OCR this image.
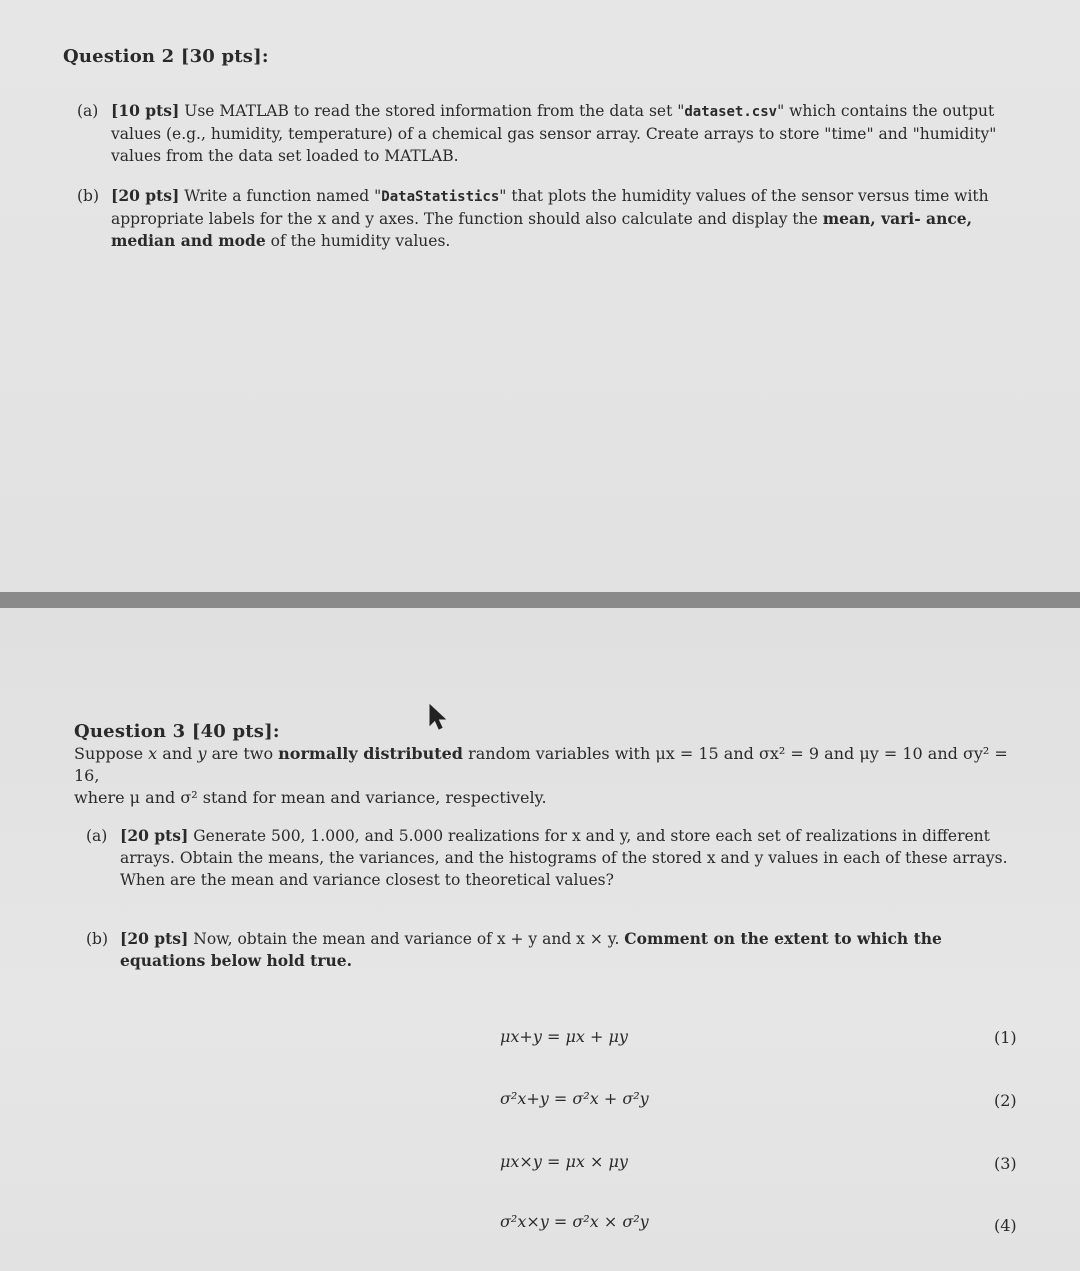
Question 2 [30 pts]:
(a) [10 pts] Use MATLAB to read the stored information from the data set "dataset.csv" which contains the output values (e.g., humidity, temperature) of a chemical gas sensor array. Create arrays to store "time" and "humidity" values from the data set loaded to MATLAB.
(b) [20 pts] Write a function named "DataStatistics" that plots the humidity values of the sensor versus time with appropriate labels for the x and y axes. The function should also calculate and display the mean, vari- ance, median and mode of the humidity values.
Question 3 [40 pts]:
Suppose x and y are two normally distributed random variables with μx = 15 and σx² = 9 and μy = 10 and σy² = 16,
where μ and σ² stand for mean and variance, respectively.
(a) [20 pts] Generate 500, 1.000, and 5.000 realizations for x and y, and store each set of realizations in different arrays. Obtain the means, the variances, and the histograms of the stored x and y values in each of these arrays. When are the mean and variance closest to theoretical values?
(b) [20 pts] Now, obtain the mean and variance of x + y and x × y. Comment on the extent to which the equations below hold true.
μx+y = μx + μy	(1)
σ²x+y = σ²x + σ²y	(2)
μx×y = μx × μy	(3)
σ²x×y = σ²x × σ²y	(4)
